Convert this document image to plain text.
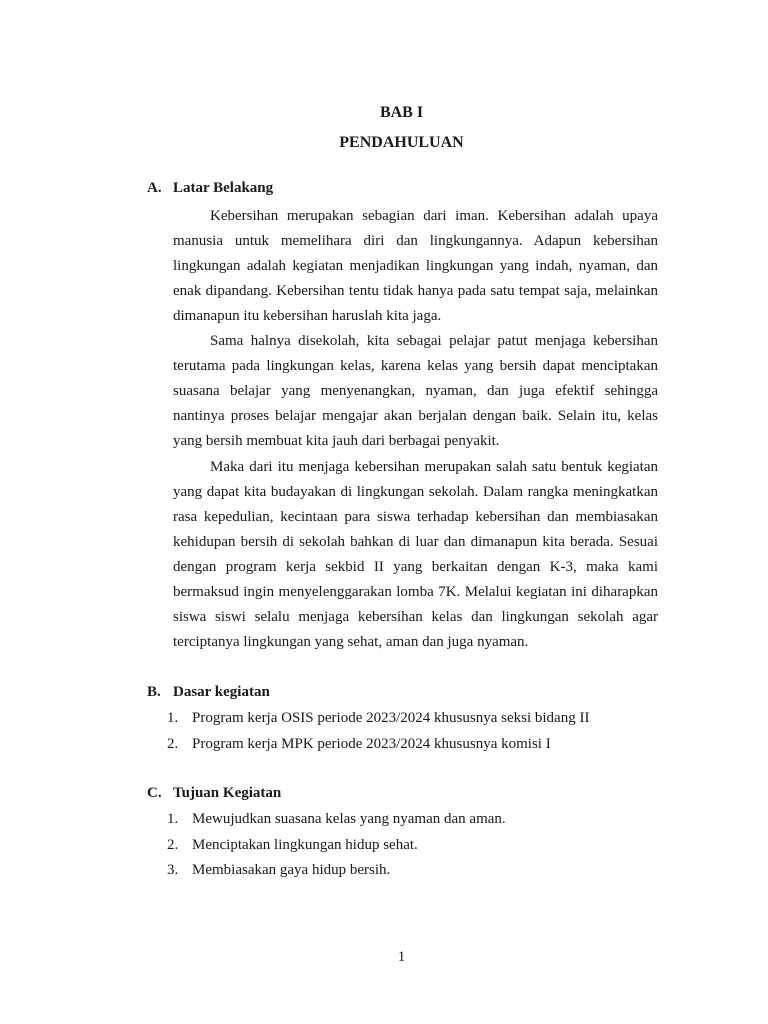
BAB I
PENDAHULUAN
A. Latar Belakang

Kebersihan merupakan sebagian dari iman. Kebersihan adalah upaya manusia untuk memelihara diri dan lingkungannya. Adapun kebersihan lingkungan adalah kegiatan menjadikan lingkungan yang indah, nyaman, dan enak dipandang. Kebersihan tentu tidak hanya pada satu tempat saja, melainkan dimanapun itu kebersihan haruslah kita jaga.

Sama halnya disekolah, kita sebagai pelajar patut menjaga kebersihan terutama pada lingkungan kelas, karena kelas yang bersih dapat menciptakan suasana belajar yang menyenangkan, nyaman, dan juga efektif sehingga nantinya proses belajar mengajar akan berjalan dengan baik. Selain itu, kelas yang bersih membuat kita jauh dari berbagai penyakit.

Maka dari itu menjaga kebersihan merupakan salah satu bentuk kegiatan yang dapat kita budayakan di lingkungan sekolah. Dalam rangka meningkatkan rasa kepedulian, kecintaan para siswa terhadap kebersihan dan membiasakan kehidupan bersih di sekolah bahkan di luar dan dimanapun kita berada. Sesuai dengan program kerja sekbid II yang berkaitan dengan K-3, maka kami bermaksud ingin menyelenggarakan lomba 7K. Melalui kegiatan ini diharapkan siswa siswi selalu menjaga kebersihan kelas dan lingkungan sekolah agar terciptanya lingkungan yang sehat, aman dan juga nyaman.

B. Dasar kegiatan
1. Program kerja OSIS periode 2023/2024 khususnya seksi bidang II
2. Program kerja MPK periode 2023/2024 khususnya komisi I
C. Tujuan Kegiatan
1. Mewujudkan suasana kelas yang nyaman dan aman.
2. Menciptakan lingkungan hidup sehat.
3. Membiasakan gaya hidup bersih.
1
